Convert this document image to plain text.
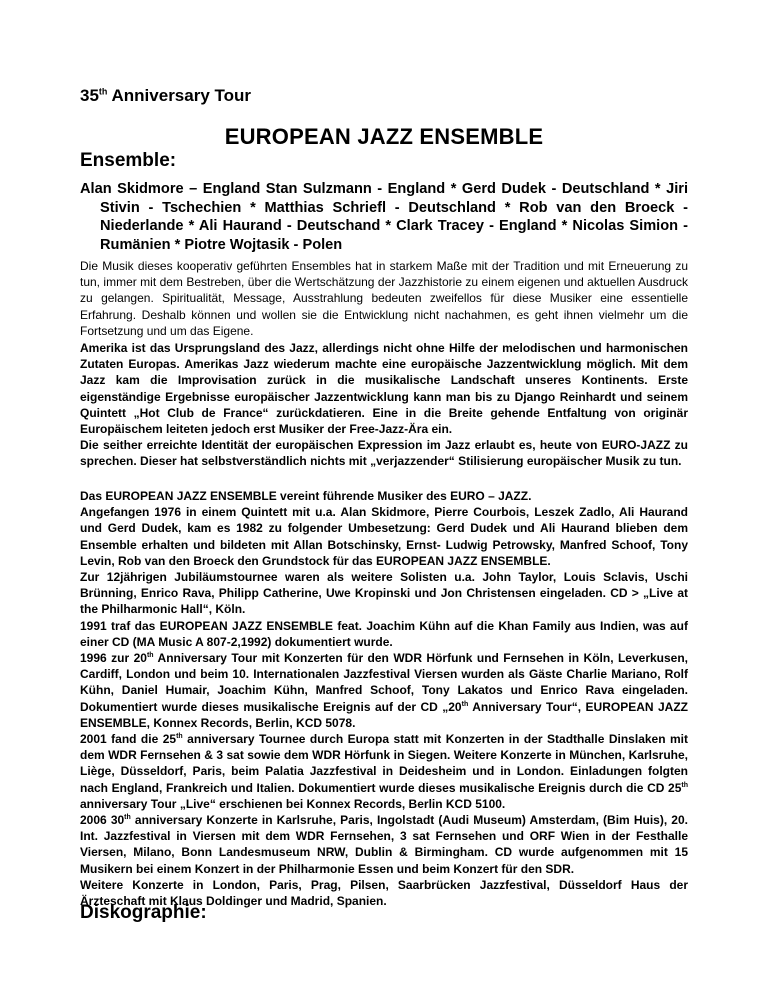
35th Anniversary Tour
EUROPEAN JAZZ ENSEMBLE
Ensemble:
Alan Skidmore – England Stan Sulzmann - England * Gerd Dudek - Deutschland * Jiri Stivin - Tschechien * Matthias Schriefl - Deutschland * Rob van den Broeck - Niederlande * Ali Haurand - Deutschand * Clark Tracey - England * Nicolas Simion - Rumänien * Piotre Wojtasik - Polen
Die Musik dieses kooperativ geführten Ensembles hat in starkem Maße mit der Tradition und mit Erneuerung zu tun, immer mit dem Bestreben, über die Wertschätzung der Jazzhistorie zu einem eigenen und aktuellen Ausdruck zu gelangen. Spiritualität, Message, Ausstrahlung bedeuten zweifellos für diese Musiker eine essentielle Erfahrung. Deshalb können und wollen sie die Entwicklung nicht nachahmen, es geht ihnen vielmehr um die Fortsetzung und um das Eigene.
Amerika ist das Ursprungsland des Jazz, allerdings nicht ohne Hilfe der melodischen und harmonischen Zutaten Europas. Amerikas Jazz wiederum machte eine europäische Jazzentwicklung möglich. Mit dem Jazz kam die Improvisation zurück in die musikalische Landschaft unseres Kontinents. Erste eigenständige Ergebnisse europäischer Jazzentwicklung kann man bis zu Django Reinhardt und seinem Quintett „Hot Club de France“ zurückdatieren. Eine in die Breite gehende Entfaltung von originär Europäischem leiteten jedoch erst Musiker der Free-Jazz-Ära ein.
Die seither erreichte Identität der europäischen Expression im Jazz erlaubt es, heute von EURO-JAZZ zu sprechen. Dieser hat selbstverständlich nichts mit „verjazzender“ Stilisierung europäischer Musik zu tun.
Das EUROPEAN JAZZ ENSEMBLE vereint führende Musiker des EURO – JAZZ.
Angefangen 1976 in einem Quintett mit u.a. Alan Skidmore, Pierre Courbois, Leszek Zadlo, Ali Haurand und Gerd Dudek, kam es 1982 zu folgender Umbesetzung: Gerd Dudek und Ali Haurand blieben dem Ensemble erhalten und bildeten mit Allan Botschinsky, Ernst- Ludwig Petrowsky, Manfred Schoof, Tony Levin, Rob van den Broeck den Grundstock für das EUROPEAN JAZZ ENSEMBLE.
Zur 12jährigen Jubiläumstournee waren als weitere Solisten u.a. John Taylor, Louis Sclavis, Uschi Brünning, Enrico Rava, Philipp Catherine, Uwe Kropinski und Jon Christensen eingeladen. CD > „Live at the Philharmonic Hall“, Köln.
1991 traf das EUROPEAN JAZZ ENSEMBLE feat. Joachim Kühn auf die Khan Family aus Indien, was auf einer CD (MA Music A 807-2,1992) dokumentiert wurde.
1996 zur 20th Anniversary Tour mit Konzerten für den WDR Hörfunk und Fernsehen in Köln, Leverkusen, Cardiff, London und beim 10. Internationalen Jazzfestival Viersen wurden als Gäste Charlie Mariano, Rolf Kühn, Daniel Humair, Joachim Kühn, Manfred Schoof, Tony Lakatos und Enrico Rava eingeladen. Dokumentiert wurde dieses musikalische Ereignis auf der CD „20th Anniversary Tour“, EUROPEAN JAZZ ENSEMBLE, Konnex Records, Berlin, KCD 5078.
2001 fand die 25th anniversary Tournee durch Europa statt mit Konzerten in der Stadthalle Dinslaken mit dem WDR Fernsehen & 3 sat sowie dem WDR Hörfunk in Siegen. Weitere Konzerte in München, Karlsruhe, Liège, Düsseldorf, Paris, beim Palatia Jazzfestival in Deidesheim und in London. Einladungen folgten nach England, Frankreich und Italien. Dokumentiert wurde dieses musikalische Ereignis durch die CD 25th anniversary Tour „Live“ erschienen bei Konnex Records, Berlin KCD 5100.
2006 30th anniversary Konzerte in Karlsruhe, Paris, Ingolstadt (Audi Museum) Amsterdam, (Bim Huis), 20. Int. Jazzfestival in Viersen mit dem WDR Fernsehen, 3 sat Fernsehen und ORF Wien in der Festhalle Viersen, Milano, Bonn Landesmuseum NRW, Dublin & Birmingham. CD wurde aufgenommen mit 15 Musikern bei einem Konzert in der Philharmonie Essen und beim Konzert für den SDR.
Weitere Konzerte in London, Paris, Prag, Pilsen, Saarbrücken Jazzfestival, Düsseldorf Haus der Ärzteschaft mit Klaus Doldinger und Madrid, Spanien.
Diskographie:
